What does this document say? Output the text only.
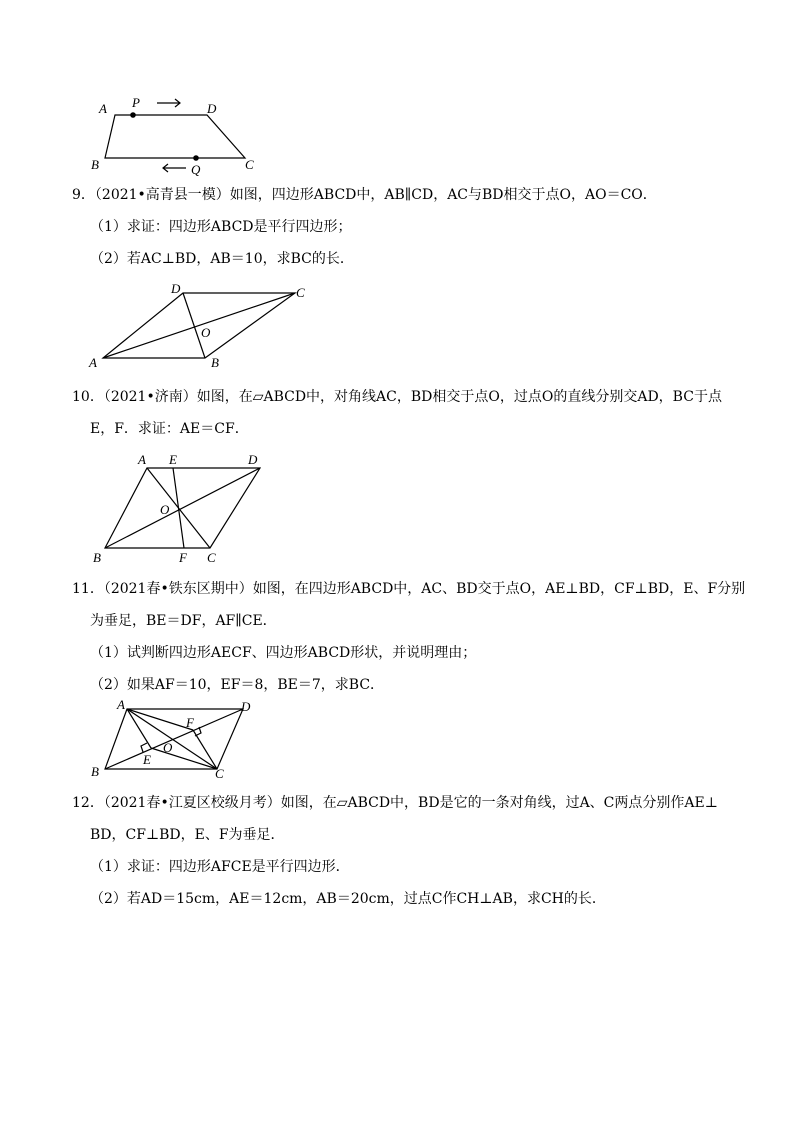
A P	D
B	Q	C
9．（2021•高青县一模）如图，四边形ABCD中，AB∥CD，AC与BD相交于点O，AO＝CO．
（1）求证：四边形ABCD是平行四边形；
（2）若AC⊥BD，AB＝10，求BC的长．
D	C
O
A	B
10．（2021•济南）如图，在▱ABCD中，对角线AC，BD相交于点O，过点O的直线分别交AD，BC于点
E，F．求证：AE＝CF．
A E	D
O
B	F C
11．（2021春•铁东区期中）如图，在四边形ABCD中，AC、BD交于点O，AE⊥BD，CF⊥BD，E、F分别
为垂足，BE＝DF，AF∥CE．
（1）试判断四边形AECF、四边形ABCD形状，并说明理由；
（2）如果AF＝10，EF＝8，BE＝7，求BC．
A	D
F
O
E
B	C
12．（2021春•江夏区校级月考）如图，在▱ABCD中，BD是它的一条对角线，过A、C两点分别作AE⊥
BD，CF⊥BD，E、F为垂足．
（1）求证：四边形AFCE是平行四边形．
（2）若AD＝15cm，AE＝12cm，AB＝20cm，过点C作CH⊥AB，求CH的长．
